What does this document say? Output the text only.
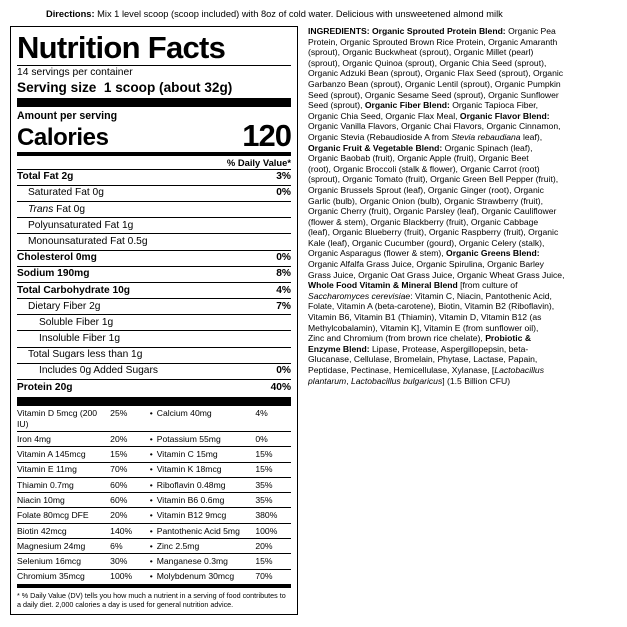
Directions: Mix 1 level scoop (scoop included) with 8oz of cold water. Delicious with unsweetened almond milk
Nutrition Facts
14 servings per container
Serving size 1 scoop (about 32g)
Amount per serving
Calories	120
% Daily Value*
Total Fat 2g	3%
Saturated Fat 0g	0%
Trans Fat 0g	
Polyunsaturated Fat 1g	
Monounsaturated Fat 0.5g	
Cholesterol 0mg	0%
Sodium 190mg	8%
Total Carbohydrate 10g	4%
Dietary Fiber 2g	7%
Soluble Fiber 1g	
Insoluble Fiber 1g	
Total Sugars less than 1g	
Includes 0g Added Sugars	0%
Protein 20g	40%
Vitamin D 5mcg (200 IU)	25%	•	Calcium 40mg	4%
Iron 4mg	20%	•	Potassium 55mg	0%
Vitamin A 145mcg	15%	•	Vitamin C 15mg	15%
Vitamin E 11mg	70%	•	Vitamin K 18mcg	15%
Thiamin 0.7mg	60%	•	Riboflavin 0.48mg	35%
Niacin 10mg	60%	•	Vitamin B6 0.6mg	35%
Folate 80mcg DFE	20%	•	Vitamin B12 9mcg	380%
Biotin 42mcg	140%	•	Pantothenic Acid 5mg	100%
Magnesium 24mg	6%	•	Zinc 2.5mg	20%
Selenium 16mcg	30%	•	Manganese 0.3mg	15%
Chromium 35mcg	100%	•	Molybdenum 30mcg	70%
* % Daily Value (DV) tells you how much a nutrient in a serving of food contributes to a daily diet. 2,000 calories a day is used for general nutrition advice.
INGREDIENTS: Organic Sprouted Protein Blend: Organic Pea
Protein, Organic Sprouted Brown Rice Protein, Organic Amaranth
(sprout), Organic Buckwheat (sprout), Organic Millet (pearl)
(sprout), Organic Quinoa (sprout), Organic Chia Seed (sprout),
Organic Adzuki Bean (sprout), Organic Flax Seed (sprout), Organic
Garbanzo Bean (sprout), Organic Lentil (sprout), Organic Pumpkin
Seed (sprout), Organic Sesame Seed (sprout), Organic Sunflower
Seed (sprout), Organic Fiber Blend: Organic Tapioca Fiber,
Organic Chia Seed, Organic Flax Meal, Organic Flavor Blend:
Organic Vanilla Flavors, Organic Chai Flavors, Organic Cinnamon,
Organic Stevia (Rebaudioside A from Stevia rebaudiana leaf),
Organic Fruit & Vegetable Blend: Organic Spinach (leaf),
Organic Baobab (fruit), Organic Apple (fruit), Organic Beet
(root), Organic Broccoli (stalk & flower), Organic Carrot (root)
(sprout), Organic Tomato (fruit), Organic Green Bell Pepper (fruit),
Organic Brussels Sprout (leaf), Organic Ginger (root), Organic
Garlic (bulb), Organic Onion (bulb), Organic Strawberry (fruit),
Organic Cherry (fruit), Organic Parsley (leaf), Organic Cauliflower
(flower & stem), Organic Blackberry (fruit), Organic Cabbage
(leaf), Organic Blueberry (fruit), Organic Raspberry (fruit), Organic
Kale (leaf), Organic Cucumber (gourd), Organic Celery (stalk),
Organic Asparagus (flower & stem), Organic Greens Blend:
Organic Alfalfa Grass Juice, Organic Spirulina, Organic Barley
Grass Juice, Organic Oat Grass Juice, Organic Wheat Grass Juice,
Whole Food Vitamin & Mineral Blend [from culture of
Saccharomyces cerevisiae: Vitamin C, Niacin, Pantothenic Acid,
Folate, Vitamin A (beta-carotene), Biotin, Vitamin B2 (Riboflavin),
Vitamin B6, Vitamin B1 (Thiamin), Vitamin D, Vitamin B12 (as
Methylcobalamin), Vitamin K], Vitamin E (from sunflower oil),
Zinc and Chromium (from brown rice chelate), Probiotic &
Enzyme Blend: Lipase, Protease, Aspergillopepsin, beta-
Glucanase, Cellulase, Bromelain, Phytase, Lactase, Papain,
Peptidase, Pectinase, Hemicellulase, Xylanase, [Lactobacillus
plantarum, Lactobacillus bulgaricus] (1.5 Billion CFU)
